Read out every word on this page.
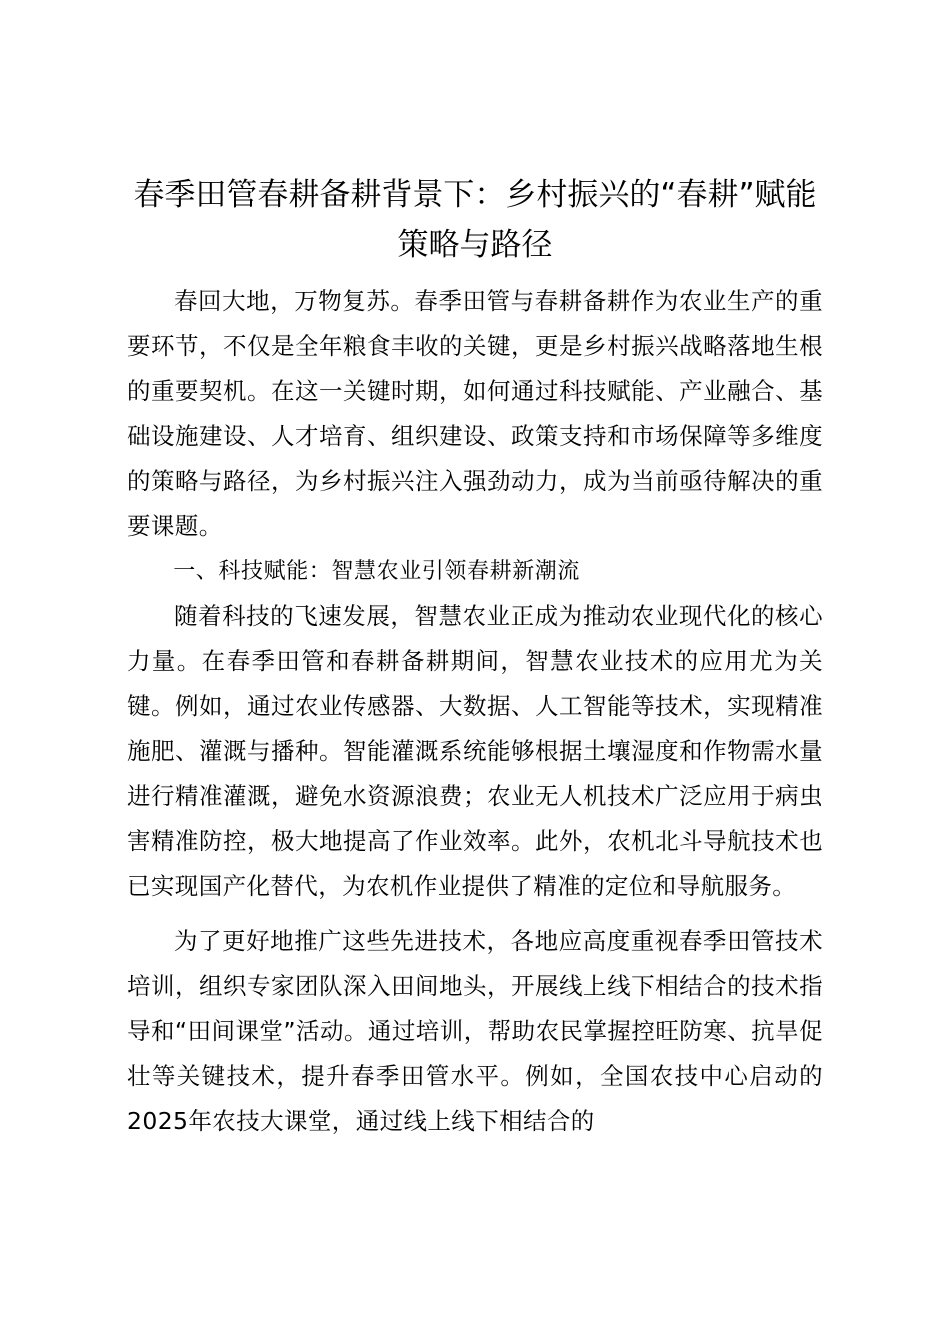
春季田管春耕备耕背景下：乡村振兴的“春耕”赋能策略与路径

春回大地，万物复苏。春季田管与春耕备耕作为农业生产的重要环节，不仅是全年粮食丰收的关键，更是乡村振兴战略落地生根的重要契机。在这一关键时期，如何通过科技赋能、产业融合、基础设施建设、人才培育、组织建设、政策支持和市场保障等多维度的策略与路径，为乡村振兴注入强劲动力，成为当前亟待解决的重要课题。

一、科技赋能：智慧农业引领春耕新潮流

随着科技的飞速发展，智慧农业正成为推动农业现代化的核心力量。在春季田管和春耕备耕期间，智慧农业技术的应用尤为关键。例如，通过农业传感器、大数据、人工智能等技术，实现精准施肥、灌溉与播种。智能灌溉系统能够根据土壤湿度和作物需水量进行精准灌溉，避免水资源浪费；农业无人机技术广泛应用于病虫害精准防控，极大地提高了作业效率。此外，农机北斗导航技术也已实现国产化替代，为农机作业提供了精准的定位和导航服务。

为了更好地推广这些先进技术，各地应高度重视春季田管技术培训，组织专家团队深入田间地头，开展线上线下相结合的技术指导和“田间课堂”活动。通过培训，帮助农民掌握控旺防寒、抗旱促壮等关键技术，提升春季田管水平。例如，全国农技中心启动的2025年农技大课堂，通过线上线下相结合的
